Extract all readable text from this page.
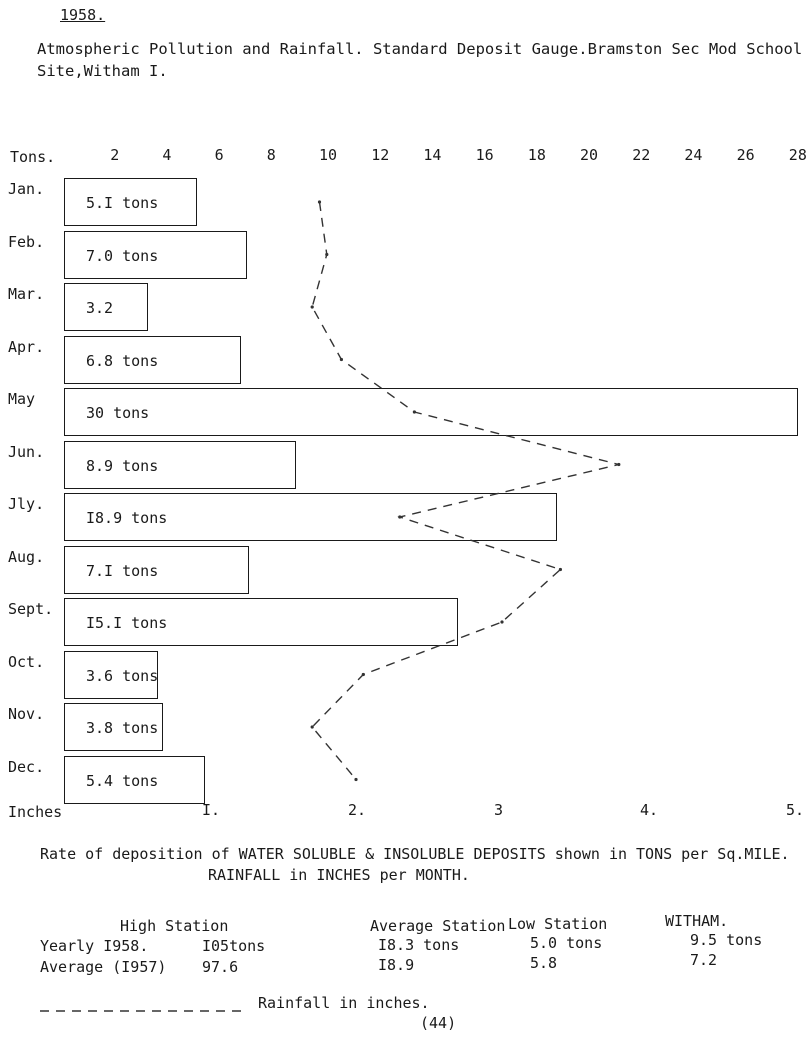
1958.
Atmospheric Pollution and Rainfall. Standard Deposit Gauge.Bramston Sec Mod School
Site,Witham I.
Tons.	2	4	6	8	10 12 14 16 18 20 22 24 26 28
Inches	I.	2.	3	4.	5.
Jan.
5.I tons
Feb.
7.0 tons
Mar.
3.2
Apr.
6.8 tons
May
30 tons
Jun.
8.9 tons
Jly.
I8.9 tons
Aug.
7.I tons
Sept.
I5.I tons
Oct.
3.6 tons
Nov.
3.8 tons
Dec.
5.4 tons
Rate of deposition of WATER SOLUBLE & INSOLUBLE DEPOSITS shown in TONS per Sq.MILE.
RAINFALL in INCHES per MONTH.
High Station	Average Station Low Station	WITHAM.
Yearly I958.	I05tons	I8.3 tons	5.0 tons	9.5 tons
Average (I957) 97.6	I8.9	5.8	7.2
Rainfall in inches.
(44)
